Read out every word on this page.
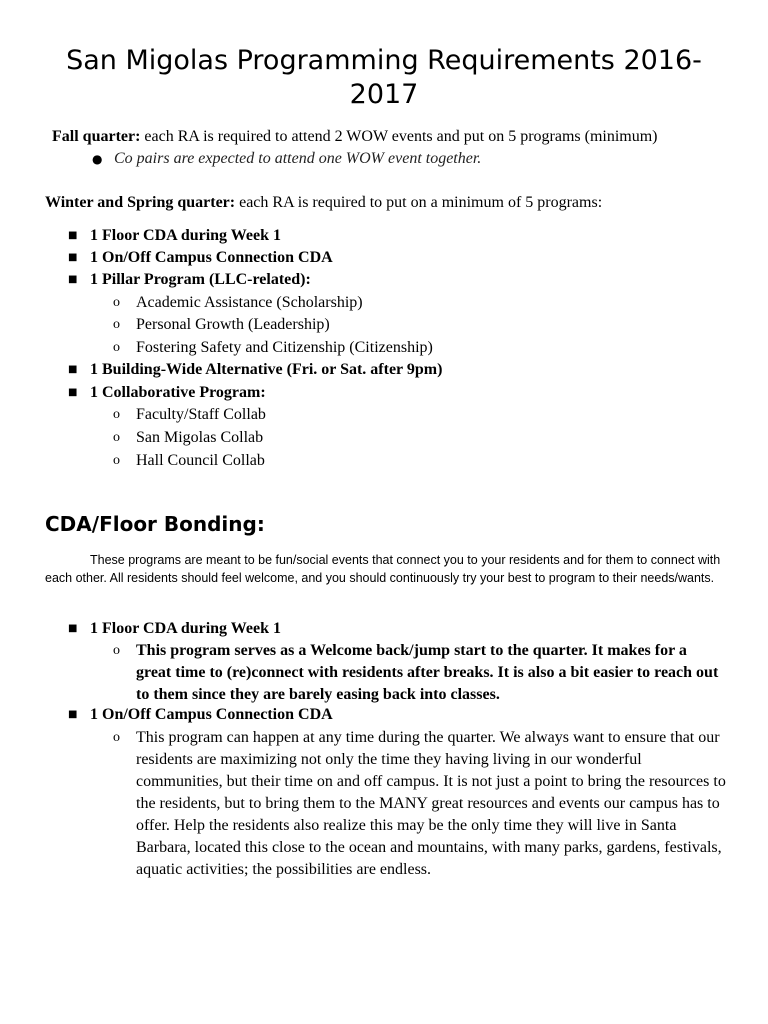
San Migolas Programming Requirements 2016-2017

Fall quarter: each RA is required to attend 2 WOW events and put on 5 programs (minimum)

● Co pairs are expected to attend one WOW event together.

Winter and Spring quarter: each RA is required to put on a minimum of 5 programs:

■ 1 Floor CDA during Week 1

■ 1 On/Off Campus Connection CDA

■ 1 Pillar Program (LLC-related):

o Academic Assistance (Scholarship)

o Personal Growth (Leadership)

o Fostering Safety and Citizenship (Citizenship)

■ 1 Building-Wide Alternative (Fri. or Sat. after 9pm)

■ 1 Collaborative Program:

o Faculty/Staff Collab

o San Migolas Collab

o Hall Council Collab

CDA/Floor Bonding:

These programs are meant to be fun/social events that connect you to your residents and for them to connect with each other. All residents should feel welcome, and you should continuously try your best to program to their needs/wants.

■ 1 Floor CDA during Week 1

o This program serves as a Welcome back/jump start to the quarter. It makes for a great time to (re)connect with residents after breaks. It is also a bit easier to reach out to them since they are barely easing back into classes.

■ 1 On/Off Campus Connection CDA

o This program can happen at any time during the quarter. We always want to ensure that our residents are maximizing not only the time they having living in our wonderful communities, but their time on and off campus. It is not just a point to bring the resources to the residents, but to bring them to the MANY great resources and events our campus has to offer. Help the residents also realize this may be the only time they will live in Santa Barbara, located this close to the ocean and mountains, with many parks, gardens, festivals, aquatic activities; the possibilities are endless.
